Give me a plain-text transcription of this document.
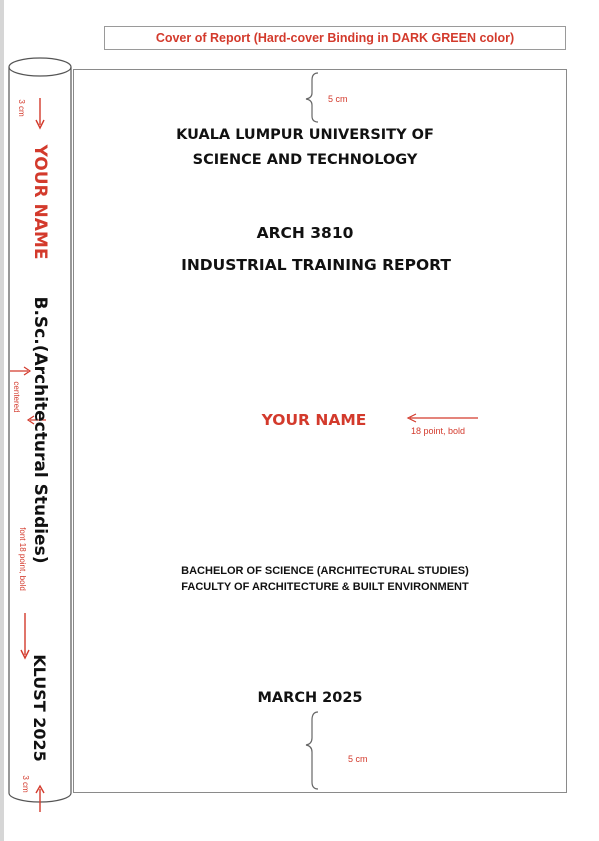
Cover of Report (Hard-cover Binding in DARK GREEN color)
3 cm
YOUR NAME
B.Sc.(Architectural Studies)
centered
font 18 point, bold
KLUST 2025
3 cm
5 cm
KUALA LUMPUR UNIVERSITY OF
SCIENCE AND TECHNOLOGY
ARCH 3810
INDUSTRIAL TRAINING REPORT
YOUR NAME
18 point, bold
BACHELOR OF SCIENCE (ARCHITECTURAL STUDIES)
FACULTY OF ARCHITECTURE & BUILT ENVIRONMENT
MARCH 2025
5 cm
